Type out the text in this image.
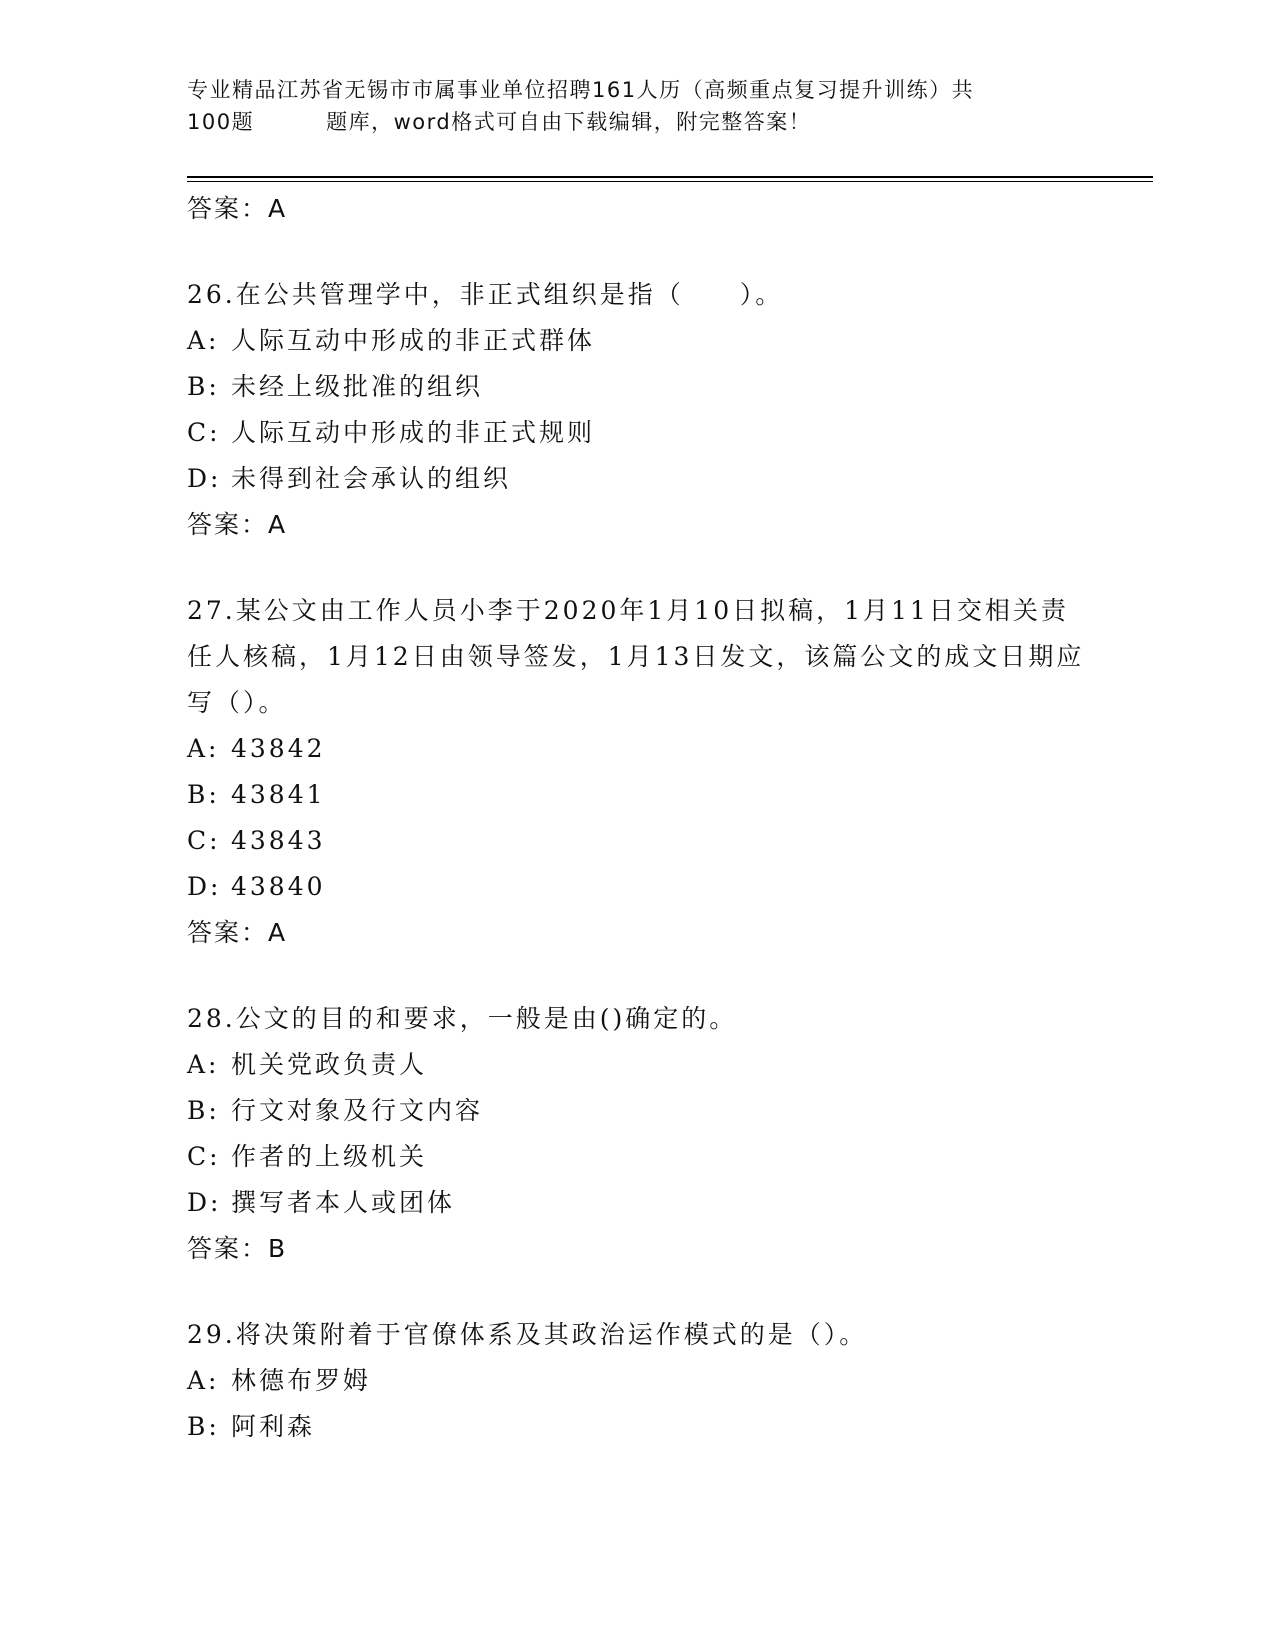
专业精品江苏省无锡市市属事业单位招聘161人历（高频重点复习提升训练）共
100题	题库，word格式可自由下载编辑，附完整答案！
答案：A
26.在公共管理学中，非正式组织是指（　　）。
A: 人际互动中形成的非正式群体
B: 未经上级批准的组织
C: 人际互动中形成的非正式规则
D: 未得到社会承认的组织
答案：A
27.某公文由工作人员小李于2020年1月10日拟稿，1月11日交相关责任人核稿，1月12日由领导签发，1月13日发文，该篇公文的成文日期应写（）。
A: 43842
B: 43841
C: 43843
D: 43840
答案：A
28.公文的目的和要求，一般是由()确定的。
A: 机关党政负责人
B: 行文对象及行文内容
C: 作者的上级机关
D: 撰写者本人或团体
答案：B
29.将决策附着于官僚体系及其政治运作模式的是（）。
A: 林德布罗姆
B: 阿利森
